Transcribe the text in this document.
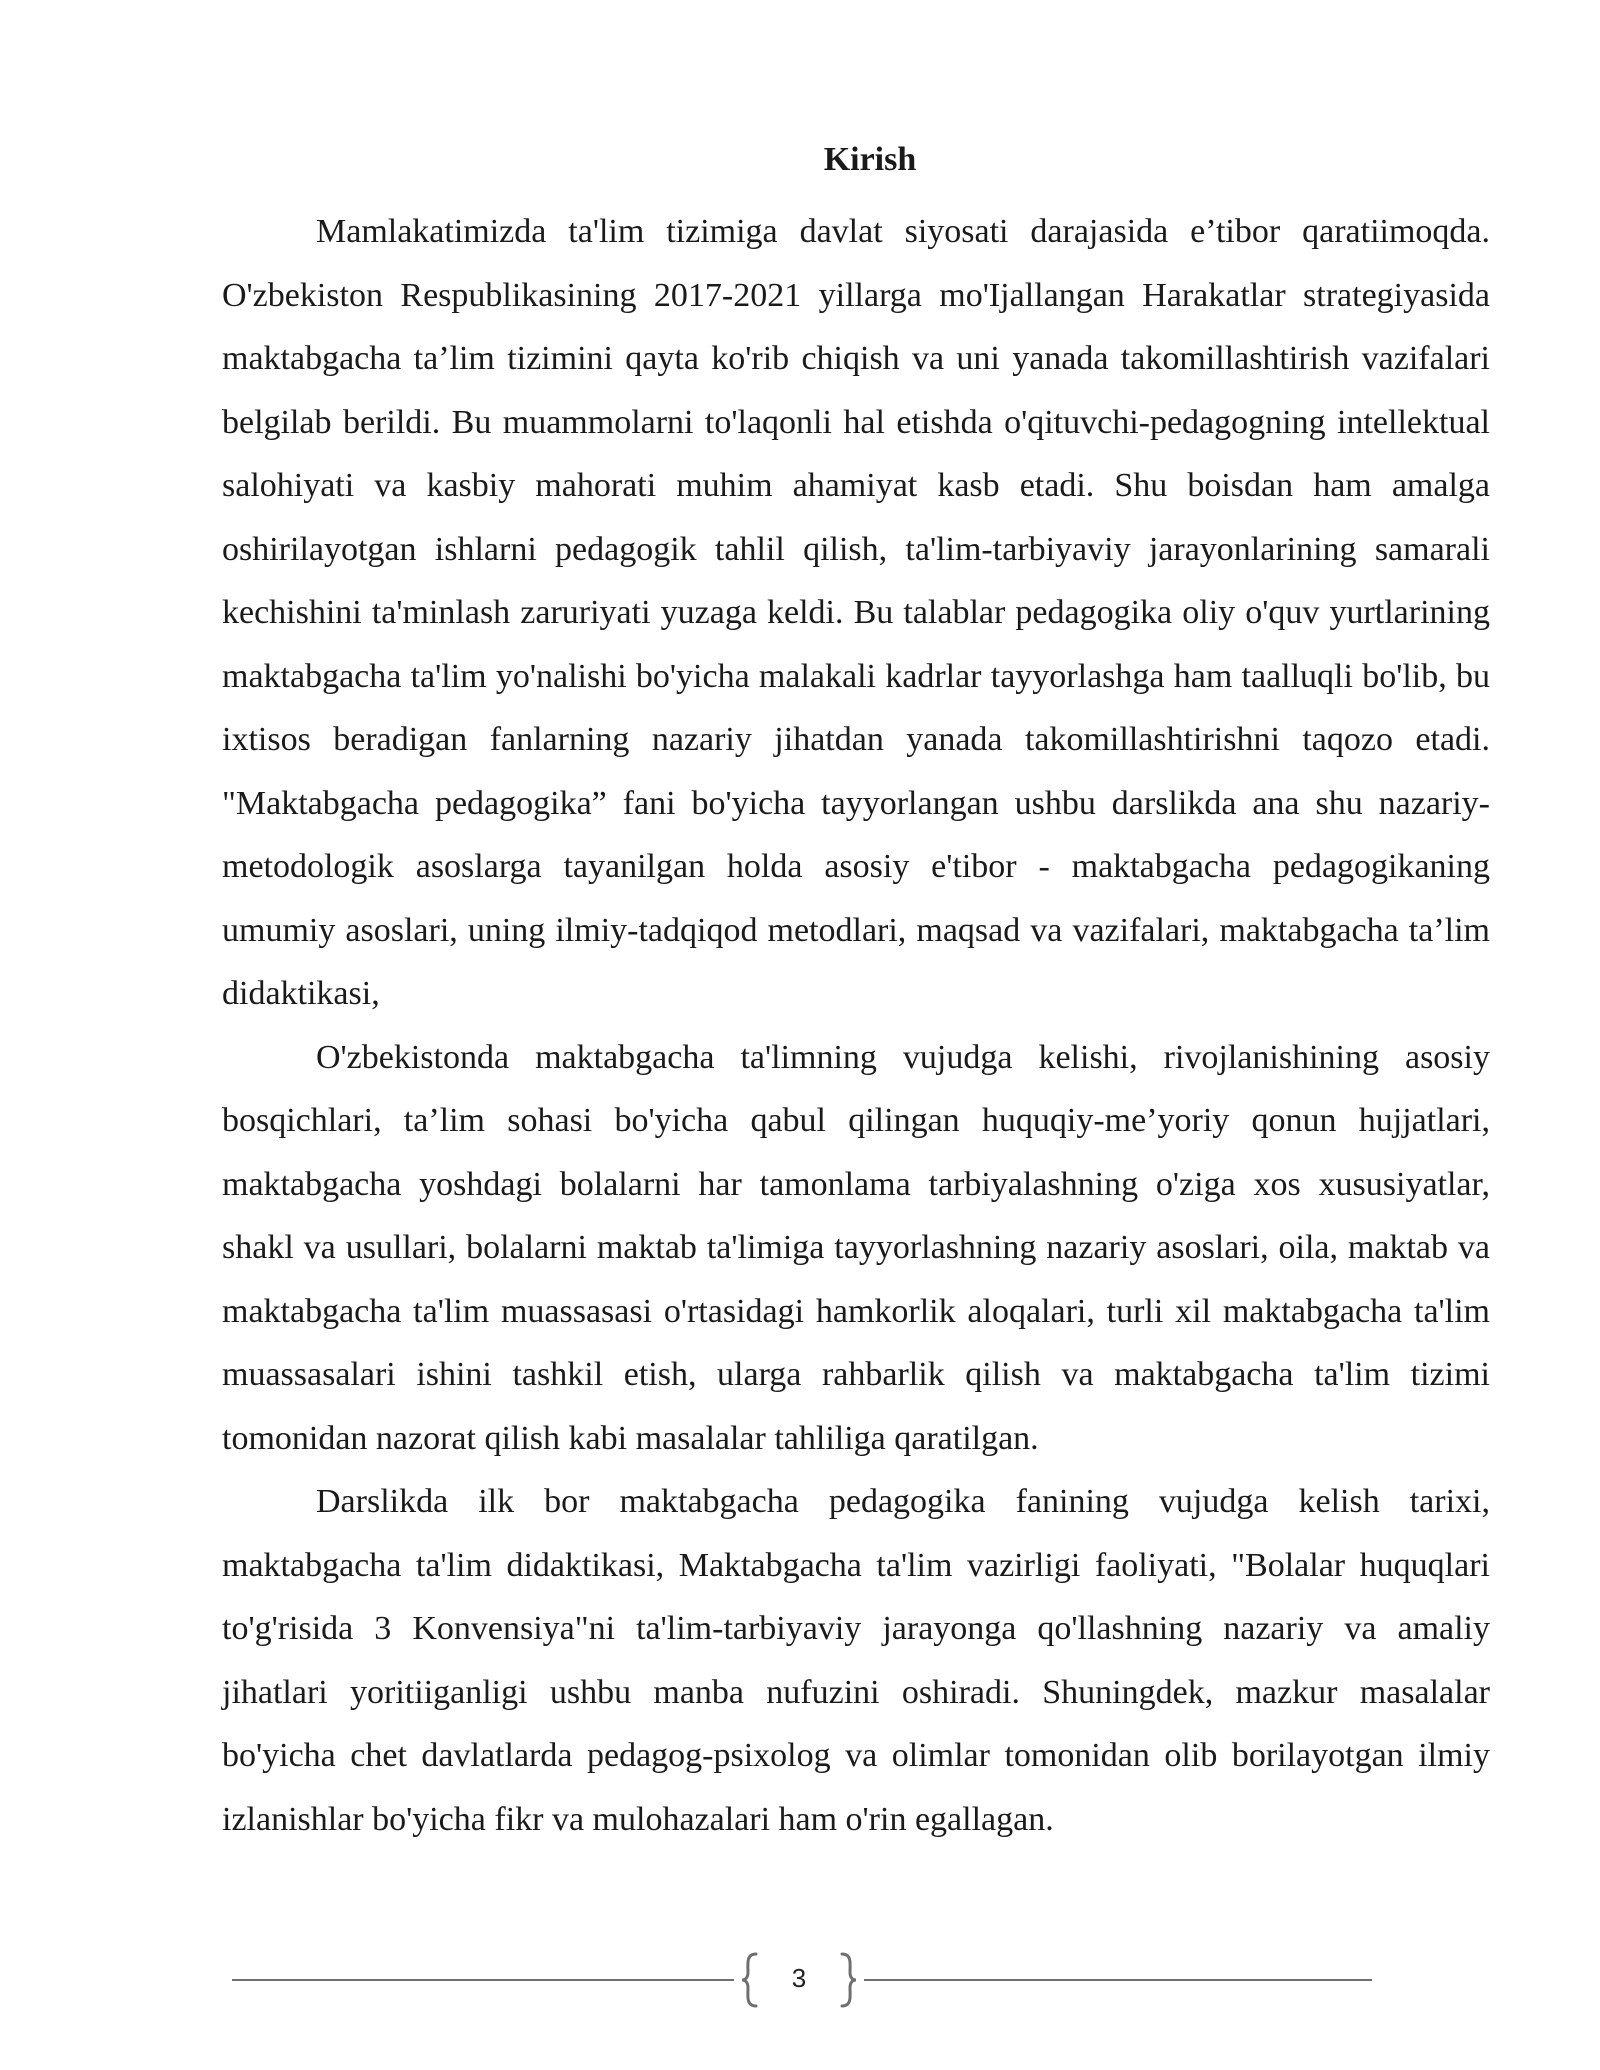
Kirish

Mamlakatimizda ta'lim tizimiga davlat siyosati darajasida e’tibor qaratiimoqda. O'zbekiston Respublikasining 2017-2021 yillarga mo'Ijallangan Harakatlar strategiyasida maktabgacha ta’lim tizimini qayta ko'rib chiqish va uni yanada takomillashtirish vazifalari belgilab berildi. Bu muammolarni to'laqonli hal etishda o'qituvchi-pedagogning intellektual salohiyati va kasbiy mahorati muhim ahamiyat kasb etadi. Shu boisdan ham amalga oshirilayotgan ishlarni pedagogik tahlil qilish, ta'lim-tarbiyaviy jarayonlarining samarali kechishini ta'minlash zaruriyati yuzaga keldi. Bu talablar pedagogika oliy o'quv yurtlarining maktabgacha ta'lim yo'nalishi bo'yicha malakali kadrlar tayyorlashga ham taalluqli bo'lib, bu ixtisos beradigan fanlarning nazariy jihatdan yanada takomillashtirishni taqozo etadi. "Maktabgacha pedagogika” fani bo'yicha tayyorlangan ushbu darslikda ana shu nazariy-metodologik asoslarga tayanilgan holda asosiy e'tibor - maktabgacha pedagogikaning umumiy asoslari, uning ilmiy-tadqiqod metodlari, maqsad va vazifalari, maktabgacha ta’lim didaktikasi,

O'zbekistonda maktabgacha ta'limning vujudga kelishi, rivojlanishining asosiy bosqichlari, ta’lim sohasi bo'yicha qabul qilingan huquqiy-me’yoriy qonun hujjatlari, maktabgacha yoshdagi bolalarni har tamonlama tarbiyalashning o'ziga xos xususiyatlar, shakl va usullari, bolalarni maktab ta'limiga tayyorlashning nazariy asoslari, oila, maktab va maktabgacha ta'lim muassasasi o'rtasidagi hamkorlik aloqalari, turli xil maktabgacha ta'lim muassasalari ishini tashkil etish, ularga rahbarlik qilish va maktabgacha ta'lim tizimi tomonidan nazorat qilish kabi masalalar tahliliga qaratilgan.

Darslikda ilk bor maktabgacha pedagogika fanining vujudga kelish tarixi, maktabgacha ta'lim didaktikasi, Maktabgacha ta'lim vazirligi faoliyati, "Bolalar huquqlari to'g'risida 3 Konvensiya"ni ta'lim-tarbiyaviy jarayonga qo'llashning nazariy va amaliy jihatlari yoritiiganligi ushbu manba nufuzini oshiradi. Shuningdek, mazkur masalalar bo'yicha chet davlatlarda pedagog-psixolog va olimlar tomonidan olib borilayotgan ilmiy izlanishlar bo'yicha fikr va mulohazalari ham o'rin egallagan.

3
